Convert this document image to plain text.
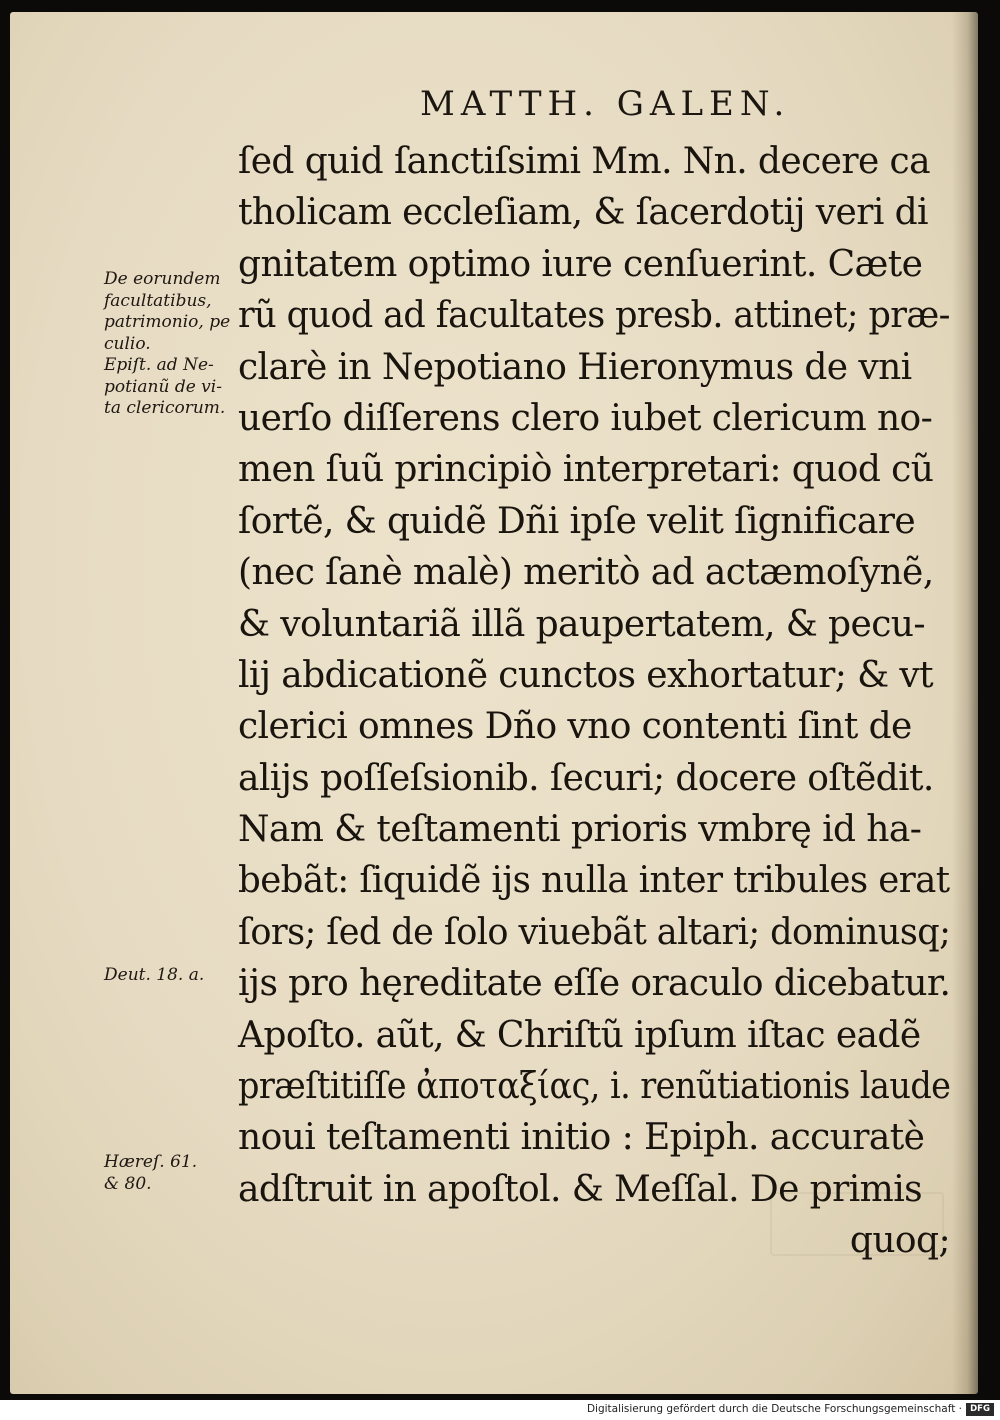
MATTH. GALEN.
De eorundem
facultatibus,
patrimonio, pe
culio.
Epiſt. ad Ne-
potianũ de vi-
ta clericorum.
Deut. 18. a.
Hæreſ. 61.
& 80.
ſed quid ſanctiſsimi Mm. Nn. decere ca
tholicam eccleſiam, & ſacerdotij veri di
gnitatem optimo iure cenſuerint. Cæte
rũ quod ad facultates presb. attinet; præ-
clarè in Nepotiano Hieronymus de vni
uerſo diſſerens clero iubet clericum no-
men ſuũ principiò interpretari: quod cũ
ſortẽ, & quidẽ Dñi ipſe velit ſignificare
(nec ſanè malè) meritò ad actæmoſynẽ,
& voluntariã illã paupertatem, & pecu-
lij abdicationẽ cunctos exhortatur; & vt
clerici omnes Dño vno contenti ſint de
alijs poſſeſsionib. ſecuri; docere oſtẽdit.
Nam & teſtamenti prioris vmbrę id ha-
bebãt: ſiquidẽ ijs nulla inter tribules erat
ſors; ſed de ſolo viuebãt altari; dominusq;
ijs pro hęreditate eſſe oraculo dicebatur.
Apoſto. aũt, & Chriſtũ ipſum iſtac eadẽ
præſtitiſſe ἀποταξίας, i. renũtiationis laude
noui teſtamenti initio : Epiph. accuratè
adſtruit in apoſtol. & Meſſal. De primis
quoq;
Digitalisierung gefördert durch die Deutsche Forschungsgemeinschaft · DFG
